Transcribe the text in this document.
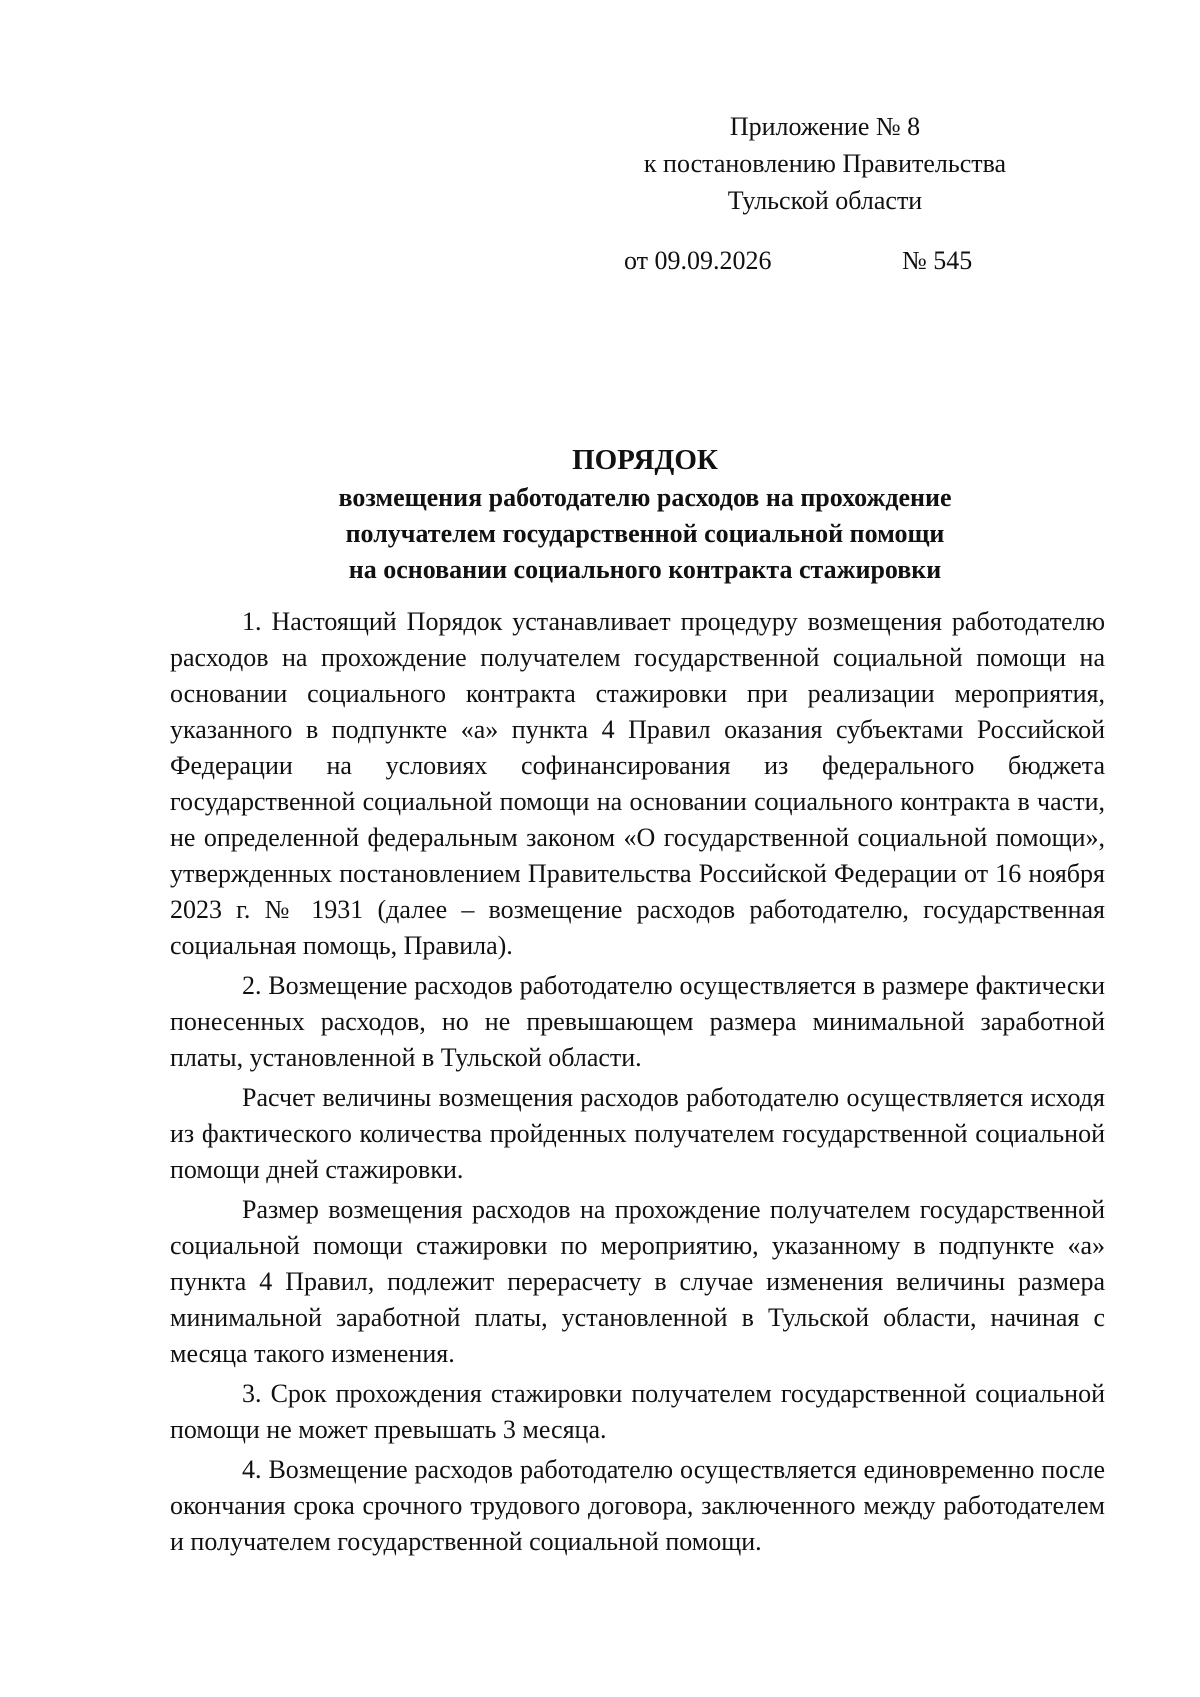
Приложение № 8
к постановлению Правительства
Тульской области
от 09.09.2026	№ 545
ПОРЯДОК
возмещения работодателю расходов на прохождение
получателем государственной социальной помощи
на основании социального контракта стажировки

1. Настоящий Порядок устанавливает процедуру возмещения работодателю расходов на прохождение получателем государственной социальной помощи на основании социального контракта стажировки при реализации мероприятия, указанного в подпункте «а» пункта 4 Правил оказания субъектами Российской Федерации на условиях софинансирования из федерального бюджета государственной социальной помощи на основании социального контракта в части, не определенной федеральным законом «О государственной социальной помощи», утвержденных постановлением Правительства Российской Федерации от 16 ноября 2023 г. № 1931 (далее – возмещение расходов работодателю, государственная социальная помощь, Правила).

2. Возмещение расходов работодателю осуществляется в размере фактически понесенных расходов, но не превышающем размера минимальной заработной платы, установленной в Тульской области.

Расчет величины возмещения расходов работодателю осуществляется исходя из фактического количества пройденных получателем государственной социальной помощи дней стажировки.

Размер возмещения расходов на прохождение получателем государственной социальной помощи стажировки по мероприятию, указанному в подпункте «а» пункта 4 Правил, подлежит перерасчету в случае изменения величины размера минимальной заработной платы, установленной в Тульской области, начиная с месяца такого изменения.

3. Срок прохождения стажировки получателем государственной социальной помощи не может превышать 3 месяца.

4. Возмещение расходов работодателю осуществляется единовременно после окончания срока срочного трудового договора, заключенного между работодателем и получателем государственной социальной помощи.
